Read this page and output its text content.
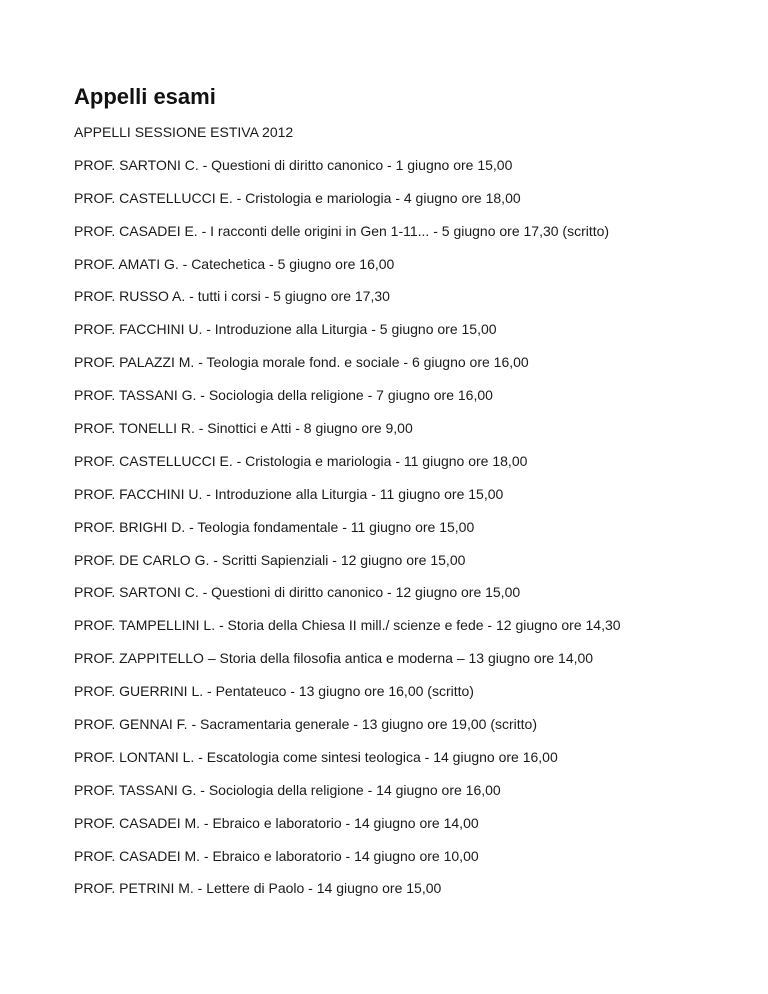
Appelli esami

APPELLI SESSIONE ESTIVA 2012

PROF. SARTONI C. - Questioni di diritto canonico - 1 giugno ore 15,00
PROF. CASTELLUCCI E. - Cristologia e mariologia - 4 giugno ore 18,00
PROF. CASADEI E. - I racconti delle origini in Gen 1-11... - 5 giugno ore 17,30 (scritto)
PROF. AMATI G. - Catechetica - 5 giugno ore 16,00
PROF. RUSSO A. - tutti i corsi - 5 giugno ore 17,30
PROF. FACCHINI U. - Introduzione alla Liturgia - 5 giugno ore 15,00
PROF. PALAZZI M. - Teologia morale fond. e sociale - 6 giugno ore 16,00
PROF. TASSANI G. - Sociologia della religione - 7 giugno ore 16,00
PROF. TONELLI R. - Sinottici e Atti - 8 giugno ore 9,00
PROF. CASTELLUCCI E. - Cristologia e mariologia - 11 giugno ore 18,00
PROF. FACCHINI U. - Introduzione alla Liturgia - 11 giugno ore 15,00
PROF. BRIGHI D. - Teologia fondamentale - 11 giugno ore 15,00
PROF. DE CARLO G. - Scritti Sapienziali - 12 giugno ore 15,00
PROF. SARTONI C. - Questioni di diritto canonico - 12 giugno ore 15,00
PROF. TAMPELLINI L. - Storia della Chiesa II mill./ scienze e fede - 12 giugno ore 14,30
PROF. ZAPPITELLO – Storia della filosofia antica e moderna – 13 giugno ore 14,00
PROF. GUERRINI L. - Pentateuco - 13 giugno ore 16,00 (scritto)
PROF. GENNAI F. - Sacramentaria generale - 13 giugno ore 19,00 (scritto)
PROF. LONTANI L. - Escatologia come sintesi teologica - 14 giugno ore 16,00
PROF. TASSANI G. - Sociologia della religione - 14 giugno ore 16,00
PROF. CASADEI M. - Ebraico e laboratorio - 14 giugno ore 14,00
PROF. CASADEI M. - Ebraico e laboratorio - 14 giugno ore 10,00
PROF. PETRINI M. - Lettere di Paolo - 14 giugno ore 15,00
